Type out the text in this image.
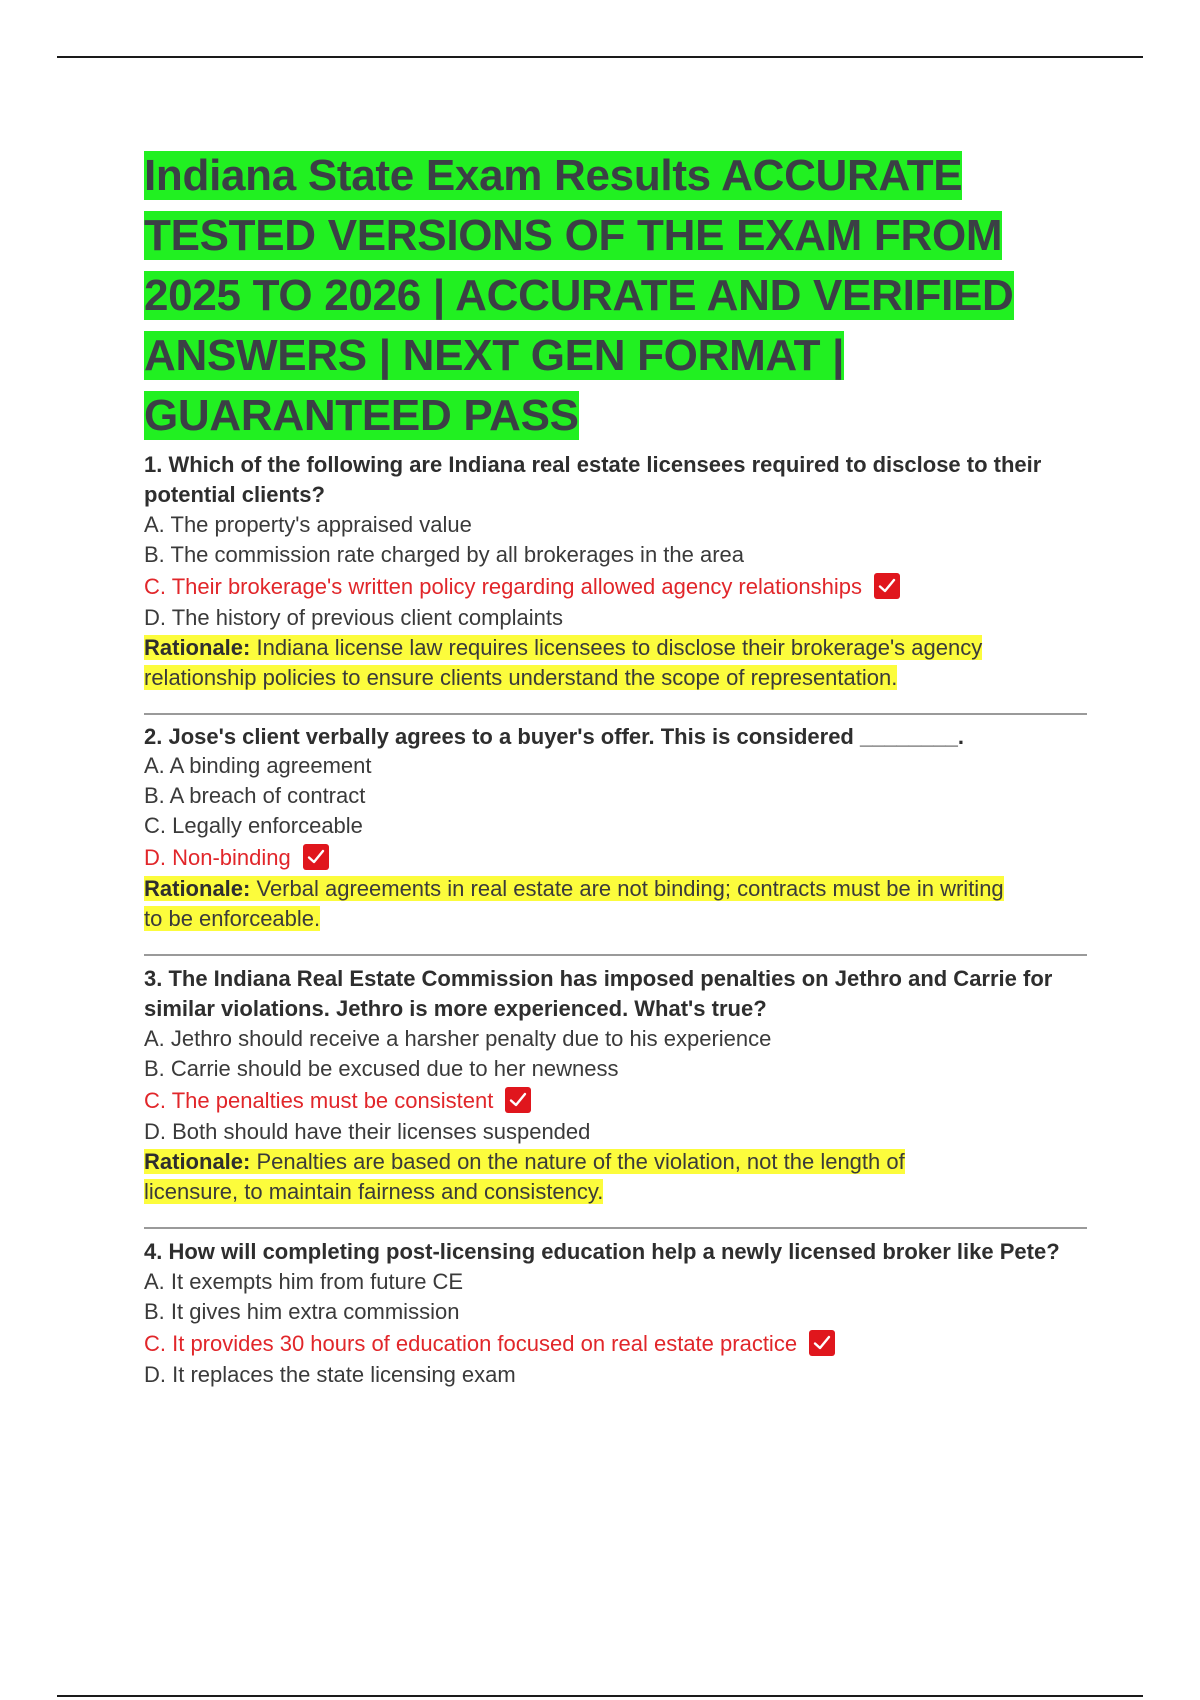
Indiana State Exam Results ACCURATE TESTED VERSIONS OF THE EXAM FROM 2025 TO 2026 | ACCURATE AND VERIFIED ANSWERS | NEXT GEN FORMAT | GUARANTEED PASS

1. Which of the following are Indiana real estate licensees required to disclose to their potential clients?

A. The property's appraised value

B. The commission rate charged by all brokerages in the area

C. Their brokerage's written policy regarding allowed agency relationships

D. The history of previous client complaints

Rationale: Indiana license law requires licensees to disclose their brokerage's agency relationship policies to ensure clients understand the scope of representation.

2. Jose's client verbally agrees to a buyer's offer. This is considered ________.

A. A binding agreement

B. A breach of contract

C. Legally enforceable

D. Non-binding

Rationale: Verbal agreements in real estate are not binding; contracts must be in writing to be enforceable.

3. The Indiana Real Estate Commission has imposed penalties on Jethro and Carrie for similar violations. Jethro is more experienced. What's true?

A. Jethro should receive a harsher penalty due to his experience

B. Carrie should be excused due to her newness

C. The penalties must be consistent

D. Both should have their licenses suspended

Rationale: Penalties are based on the nature of the violation, not the length of licensure, to maintain fairness and consistency.

4. How will completing post-licensing education help a newly licensed broker like Pete?

A. It exempts him from future CE

B. It gives him extra commission

C. It provides 30 hours of education focused on real estate practice

D. It replaces the state licensing exam
